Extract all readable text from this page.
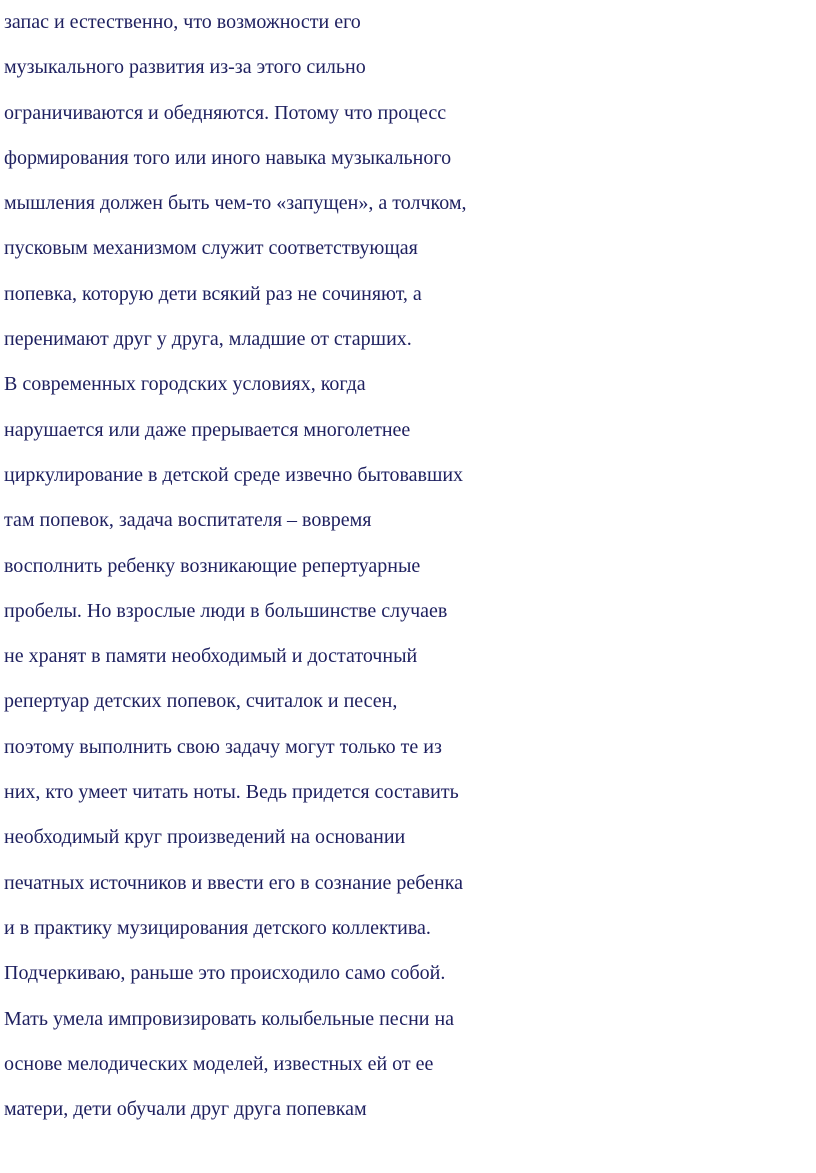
запас и естественно, что возможности его
музыкального развития из-за этого сильно
ограничиваются и обедняются. Потому что процесс
формирования того или иного навыка музыкального
мышления должен быть чем-то «запущен», а толчком,
пусковым механизмом служит соответствующая
попевка, которую дети всякий раз не сочиняют, а
перенимают друг у друга, младшие от старших.
В современных городских условиях, когда
нарушается или даже прерывается многолетнее
циркулирование в детской среде извечно бытовавших
там попевок, задача воспитателя – вовремя
восполнить ребенку возникающие репертуарные
пробелы. Но взрослые люди в большинстве случаев
не хранят в памяти необходимый и достаточный
репертуар детских попевок, считалок и песен,
поэтому выполнить свою задачу могут только те из
них, кто умеет читать ноты. Ведь придется составить
необходимый круг произведений на основании
печатных источников и ввести его в сознание ребенка
и в практику музицирования детского коллектива.
Подчеркиваю, раньше это происходило само собой.
Мать умела импровизировать колыбельные песни на
основе мелодических моделей, известных ей от ее
матери, дети обучали друг друга попевкам
